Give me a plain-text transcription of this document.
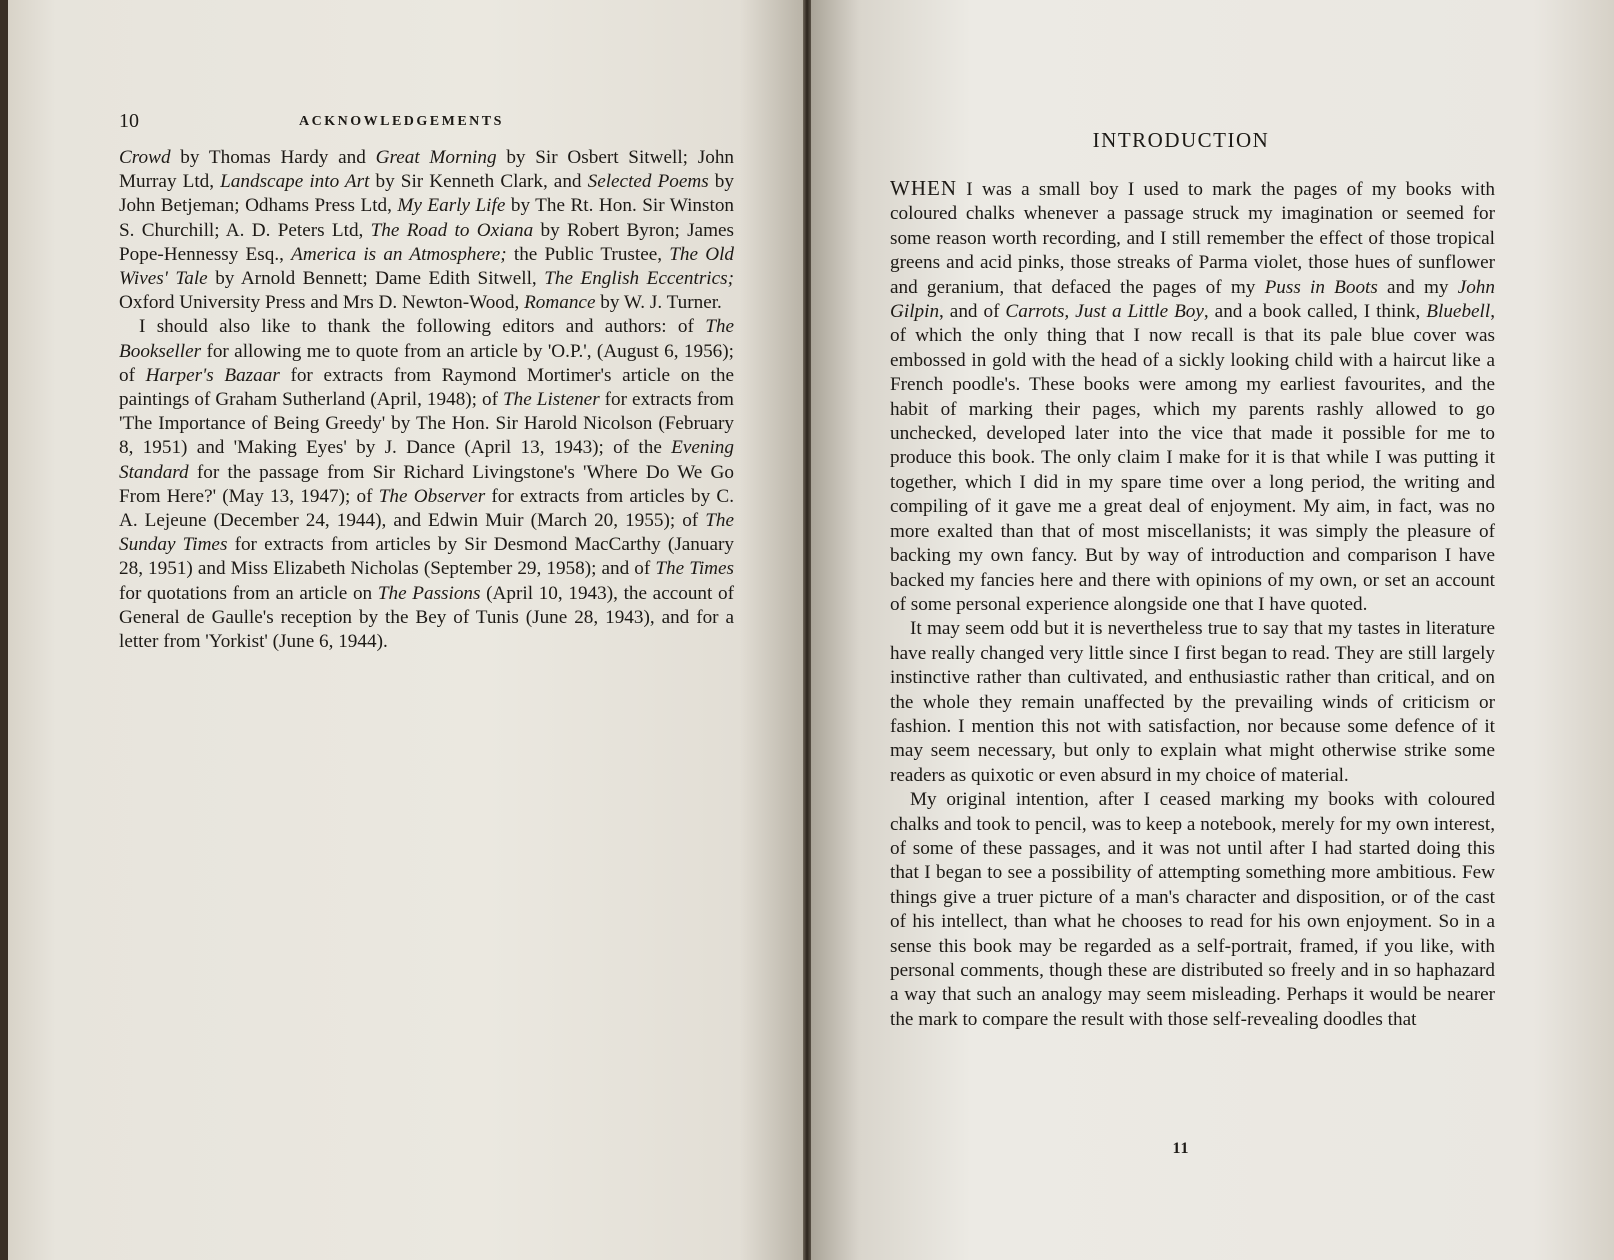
10	ACKNOWLEDGEMENTS

Crowd by Thomas Hardy and Great Morning by Sir Osbert Sitwell; John Murray Ltd, Landscape into Art by Sir Kenneth Clark, and Selected Poems by John Betjeman; Odhams Press Ltd, My Early Life by The Rt. Hon. Sir Winston S. Churchill; A. D. Peters Ltd, The Road to Oxiana by Robert Byron; James Pope-Hennessy Esq., America is an Atmosphere; the Public Trustee, The Old Wives' Tale by Arnold Bennett; Dame Edith Sitwell, The English Eccentrics; Oxford University Press and Mrs D. Newton-Wood, Romance by W. J. Turner.

I should also like to thank the following editors and authors: of The Bookseller for allowing me to quote from an article by 'O.P.', (August 6, 1956); of Harper's Bazaar for extracts from Raymond Mortimer's article on the paintings of Graham Sutherland (April, 1948); of The Listener for extracts from 'The Importance of Being Greedy' by The Hon. Sir Harold Nicolson (February 8, 1951) and 'Making Eyes' by J. Dance (April 13, 1943); of the Evening Standard for the passage from Sir Richard Livingstone's 'Where Do We Go From Here?' (May 13, 1947); of The Observer for extracts from articles by C. A. Lejeune (December 24, 1944), and Edwin Muir (March 20, 1955); of The Sunday Times for extracts from articles by Sir Desmond MacCarthy (January 28, 1951) and Miss Elizabeth Nicholas (September 29, 1958); and of The Times for quotations from an article on The Passions (April 10, 1943), the account of General de Gaulle's reception by the Bey of Tunis (June 28, 1943), and for a letter from 'Yorkist' (June 6, 1944).

INTRODUCTION

WHEN I was a small boy I used to mark the pages of my books with coloured chalks whenever a passage struck my imagination or seemed for some reason worth recording, and I still remember the effect of those tropical greens and acid pinks, those streaks of Parma violet, those hues of sunflower and geranium, that defaced the pages of my Puss in Boots and my John Gilpin, and of Carrots, Just a Little Boy, and a book called, I think, Bluebell, of which the only thing that I now recall is that its pale blue cover was embossed in gold with the head of a sickly looking child with a haircut like a French poodle's. These books were among my earliest favourites, and the habit of marking their pages, which my parents rashly allowed to go unchecked, developed later into the vice that made it possible for me to produce this book. The only claim I make for it is that while I was putting it together, which I did in my spare time over a long period, the writing and compiling of it gave me a great deal of enjoyment. My aim, in fact, was no more exalted than that of most miscellanists; it was simply the pleasure of backing my own fancy. But by way of introduction and comparison I have backed my fancies here and there with opinions of my own, or set an account of some personal experience alongside one that I have quoted.

It may seem odd but it is nevertheless true to say that my tastes in literature have really changed very little since I first began to read. They are still largely instinctive rather than cultivated, and enthusiastic rather than critical, and on the whole they remain unaffected by the prevailing winds of criticism or fashion. I mention this not with satisfaction, nor because some defence of it may seem necessary, but only to explain what might otherwise strike some readers as quixotic or even absurd in my choice of material.

My original intention, after I ceased marking my books with coloured chalks and took to pencil, was to keep a notebook, merely for my own interest, of some of these passages, and it was not until after I had started doing this that I began to see a possibility of attempting something more ambitious. Few things give a truer picture of a man's character and disposition, or of the cast of his intellect, than what he chooses to read for his own enjoyment. So in a sense this book may be regarded as a self-portrait, framed, if you like, with personal comments, though these are distributed so freely and in so haphazard a way that such an analogy may seem misleading. Perhaps it would be nearer the mark to compare the result with those self-revealing doodles that

11
